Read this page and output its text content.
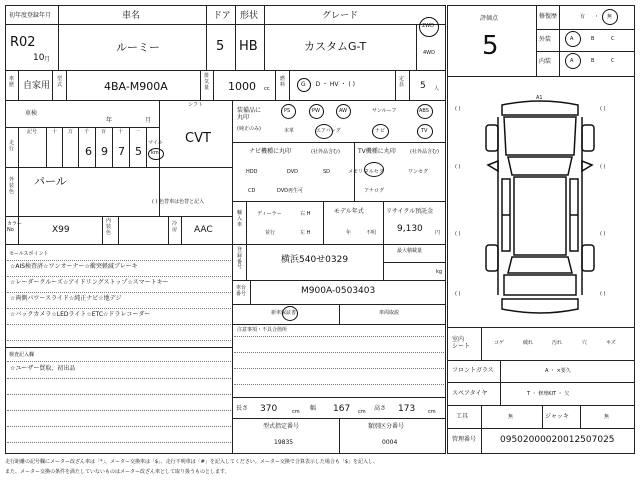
初年度登録年月
R02
10 月
車名
ルーミー
ドア
5
形状
HB
グレード
カスタムG-T
2WD
4WD
車
歴 自家用
型
式	4BA-M900A
排
気
量 1000 cc
燃
料	G ・ D ・ HV ・ ( )
定
員 5 人
車検
年	月
シフト
CVT
走
行
記号	十 万 千 百 十 一
6 9 7 5
マイル
km
外
装
色
パール
( ) 色替車は色替と記入
カラー
No	X99
内
装
色
冷
房 AAC
セールスポイント
☆AIS検査済☆ワンオーナー☆衝突軽減ブレーキ
☆レーダークルーズ☆アイドリングストップ☆スマートキー
☆両側パワースライド☆純正ナビ☆地デジ
☆バックカメラ☆LEDライト☆ETC☆ドラレコーダー
検査記入欄
☆ユーザー買取、初出品
装備品に
丸印
(純正のみ)
PS	PW	AW	サンルーフ	ABS
本革	エアバッグ	ナビ	TV
ナビ機種に丸印	(社外品含む)
HDD	DVD	SD	メモリー
CD	DVD再生可
TV機種に丸印	(社外品含む)
フルセグ	ワンセグ
アナログ
輸
入
車
ディーラー	右 H
並行	左 H
モデル年式
年	不明
リサイクル預託金
9,130 円
登
録
番
号
横浜540せ0329
最大積載量
kg
車台
番号	M900A-0503403
新車保証書	車両取説
注意事項・不具合箇所
長さ 370	cm 幅 167 cm 高さ 173	cm
型式指定番号
19835
類別区分番号
0004
評価点
5
修復歴	有 ・ 無
外装	A	B	C
内装	A	B	C
A1
( )	( )
( )	( )
( )	( )
( )	( )
室内
シート
コゲ	破れ	汚れ	穴	キズ
フロントガラス	A ・ ×要久
スペアタイヤ	T ・ 修理KIT ・ 欠
工具	無	ジャッキ	無
管理番号	09502000020012507025
走行距離の記号欄にメーター改ざん車は「*」、メーター交換車は「$」、走行不明車は「#」を記入してください。メーター交換で合算表示した場合も「$」を記入し、
また、メーター交換の条件を満たしていないものはメーター改ざん車として取り扱うものとします。
